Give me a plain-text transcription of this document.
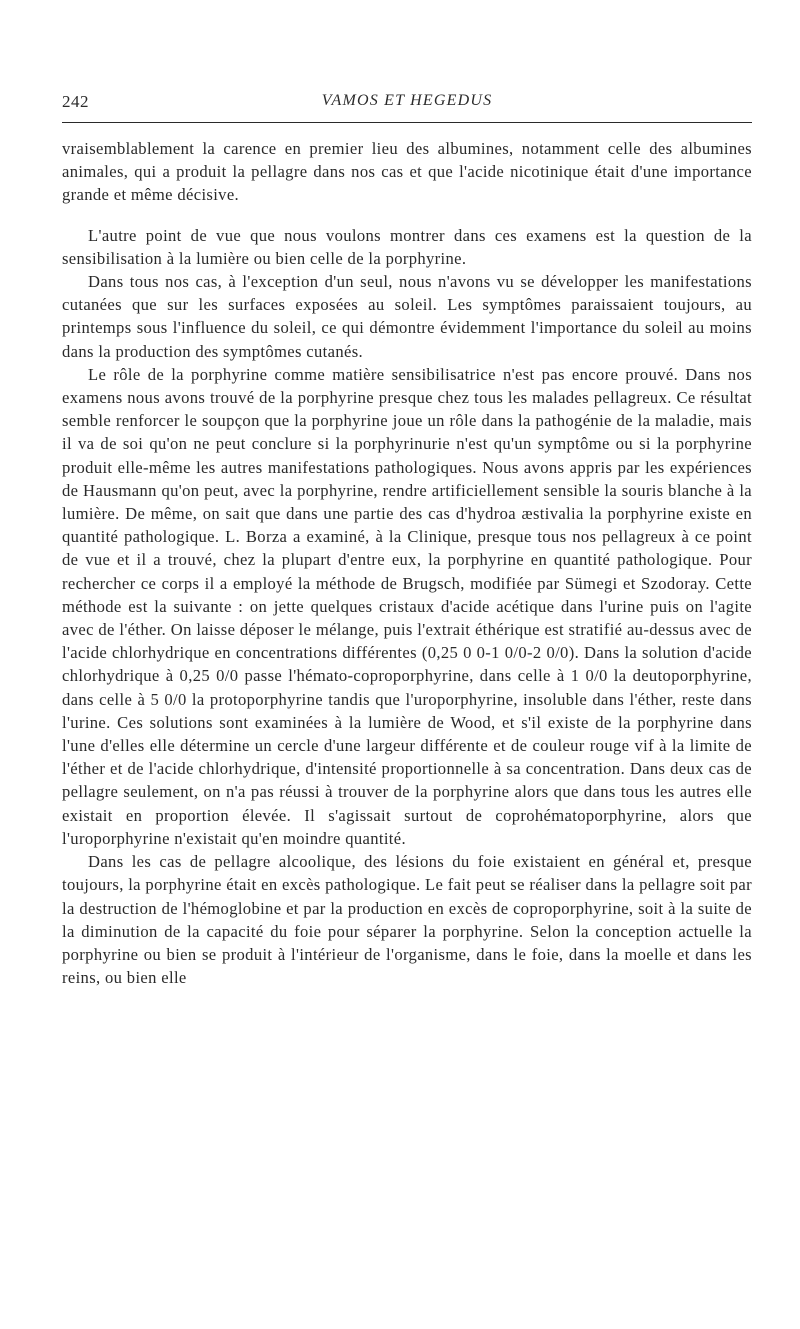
242	VAMOS ET HEGEDUS

vraisemblablement la carence en premier lieu des albumines, notamment celle des albumines animales, qui a produit la pellagre dans nos cas et que l'acide nicotinique était d'une importance grande et même décisive.

L'autre point de vue que nous voulons montrer dans ces examens est la question de la sensibilisation à la lumière ou bien celle de la porphyrine.

Dans tous nos cas, à l'exception d'un seul, nous n'avons vu se développer les manifestations cutanées que sur les surfaces exposées au soleil. Les symptômes paraissaient toujours, au printemps sous l'influence du soleil, ce qui démontre évidemment l'importance du soleil au moins dans la production des symptômes cutanés.

Le rôle de la porphyrine comme matière sensibilisatrice n'est pas encore prouvé. Dans nos examens nous avons trouvé de la porphyrine presque chez tous les malades pellagreux. Ce résultat semble renforcer le soupçon que la porphyrine joue un rôle dans la pathogénie de la maladie, mais il va de soi qu'on ne peut conclure si la porphyrinurie n'est qu'un symptôme ou si la porphyrine produit elle-même les autres manifestations pathologiques. Nous avons appris par les expériences de Hausmann qu'on peut, avec la porphyrine, rendre artificiellement sensible la souris blanche à la lumière. De même, on sait que dans une partie des cas d'hydroa æstivalia la porphyrine existe en quantité pathologique. L. Borza a examiné, à la Clinique, presque tous nos pellagreux à ce point de vue et il a trouvé, chez la plupart d'entre eux, la porphyrine en quantité pathologique. Pour rechercher ce corps il a employé la méthode de Brugsch, modifiée par Sümegi et Szodoray. Cette méthode est la suivante : on jette quelques cristaux d'acide acétique dans l'urine puis on l'agite avec de l'éther. On laisse déposer le mélange, puis l'extrait éthérique est stratifié au-dessus avec de l'acide chlorhydrique en concentrations différentes (0,25 0 0-1 0/0-2 0/0). Dans la solution d'acide chlorhydrique à 0,25 0/0 passe l'hémato-coproporphyrine, dans celle à 1 0/0 la deutoporphyrine, dans celle à 5 0/0 la protoporphyrine tandis que l'uroporphyrine, insoluble dans l'éther, reste dans l'urine. Ces solutions sont examinées à la lumière de Wood, et s'il existe de la porphyrine dans l'une d'elles elle détermine un cercle d'une largeur différente et de couleur rouge vif à la limite de l'éther et de l'acide chlorhydrique, d'intensité proportionnelle à sa concentration. Dans deux cas de pellagre seulement, on n'a pas réussi à trouver de la porphyrine alors que dans tous les autres elle existait en proportion élevée. Il s'agissait surtout de coprohématoporphyrine, alors que l'uroporphyrine n'existait qu'en moindre quantité.

Dans les cas de pellagre alcoolique, des lésions du foie existaient en général et, presque toujours, la porphyrine était en excès pathologique. Le fait peut se réaliser dans la pellagre soit par la destruction de l'hémoglobine et par la production en excès de coproporphyrine, soit à la suite de la diminution de la capacité du foie pour séparer la porphyrine. Selon la conception actuelle la porphyrine ou bien se produit à l'intérieur de l'organisme, dans le foie, dans la moelle et dans les reins, ou bien elle
